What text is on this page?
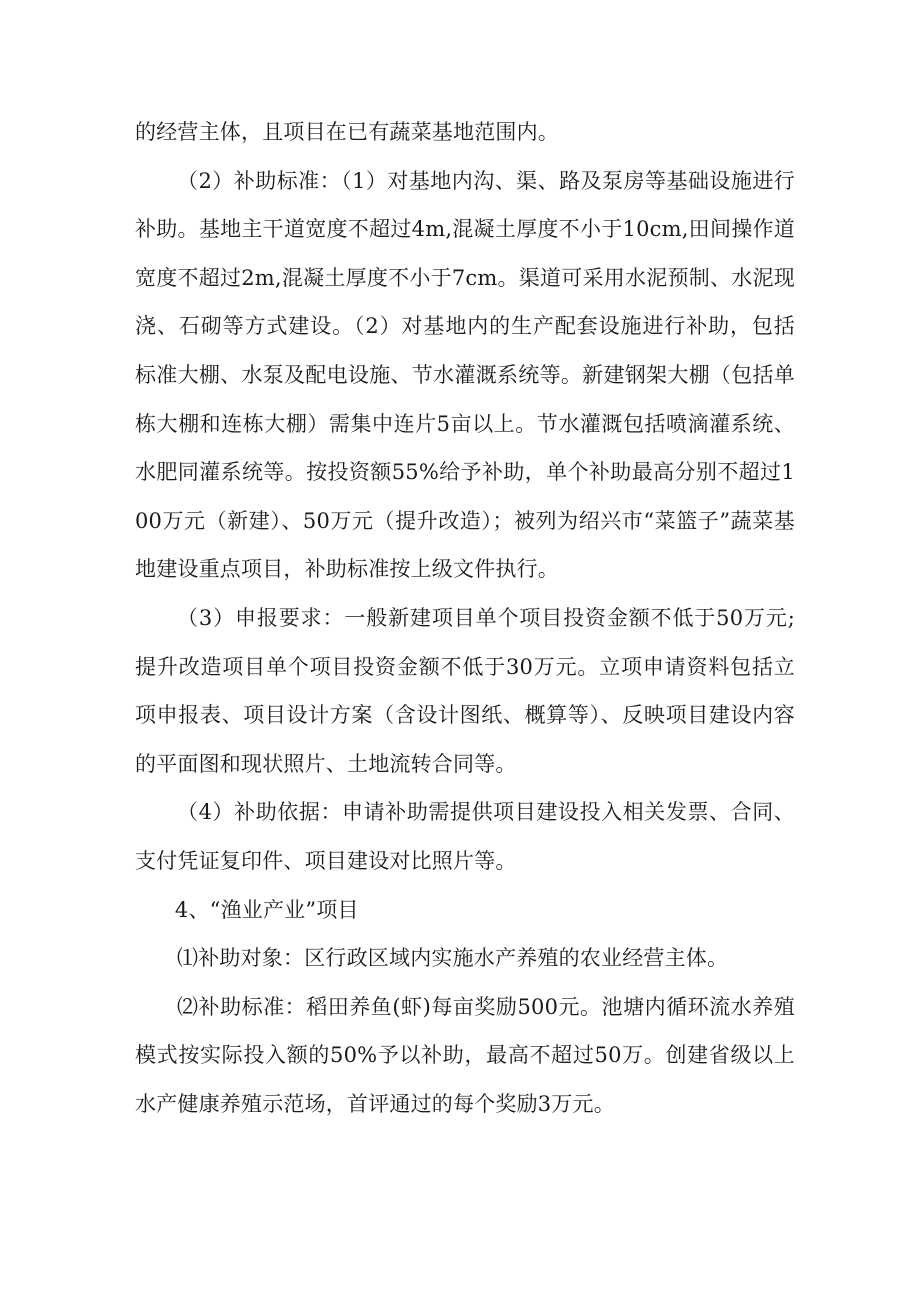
的经营主体，且项目在已有蔬菜基地范围内。

（2）补助标准：（1）对基地内沟、渠、路及泵房等基础设施进行补助。基地主干道宽度不超过4m,混凝土厚度不小于10cm,田间操作道宽度不超过2m,混凝土厚度不小于7cm。渠道可采用水泥预制、水泥现浇、石砌等方式建设。（2）对基地内的生产配套设施进行补助，包括标准大棚、水泵及配电设施、节水灌溉系统等。新建钢架大棚（包括单栋大棚和连栋大棚）需集中连片5亩以上。节水灌溉包括喷滴灌系统、水肥同灌系统等。按投资额55%给予补助，单个补助最高分别不超过100万元（新建）、50万元（提升改造）；被列为绍兴市“菜篮子”蔬菜基地建设重点项目，补助标准按上级文件执行。

（3）申报要求：一般新建项目单个项目投资金额不低于50万元;提升改造项目单个项目投资金额不低于30万元。立项申请资料包括立项申报表、项目设计方案（含设计图纸、概算等）、反映项目建设内容的平面图和现状照片、土地流转合同等。

（4）补助依据：申请补助需提供项目建设投入相关发票、合同、支付凭证复印件、项目建设对比照片等。

4、“渔业产业”项目

⑴补助对象：区行政区域内实施水产养殖的农业经营主体。

⑵补助标准：稻田养鱼(虾)每亩奖励500元。池塘内循环流水养殖模式按实际投入额的50%予以补助，最高不超过50万。创建省级以上水产健康养殖示范场，首评通过的每个奖励3万元。
